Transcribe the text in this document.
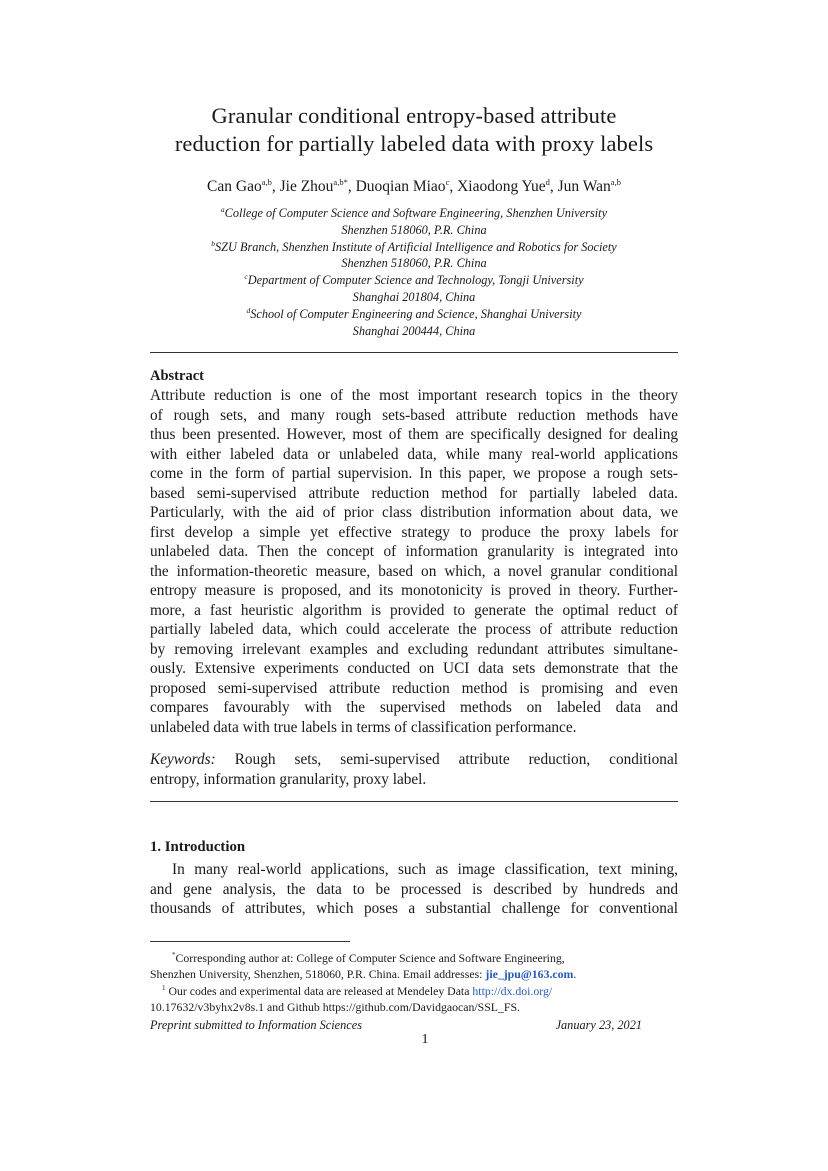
Granular conditional entropy-based attribute
reduction for partially labeled data with proxy labels
Can Gao$^{a,b}$, Jie Zhou$^{a,b*}$, Duoqian Miao$^c$, Xiaodong Yue$^d$, Jun Wan$^{a,b}$
$^a$College of Computer Science and Software Engineering, Shenzhen University
Shenzhen 518060, P.R. China
$^b$SZU Branch, Shenzhen Institute of Artificial Intelligence and Robotics for Society
Shenzhen 518060, P.R. China
$^c$Department of Computer Science and Technology, Tongji University
Shanghai 201804, China
$^d$School of Computer Engineering and Science, Shanghai University
Shanghai 200444, China
Abstract
Attribute reduction is one of the most important research topics in the theory
of rough sets, and many rough sets-based attribute reduction methods have
thus been presented. However, most of them are specifically designed for dealing
with either labeled data or unlabeled data, while many real-world applications
come in the form of partial supervision. In this paper, we propose a rough sets-
based semi-supervised attribute reduction method for partially labeled data.
Particularly, with the aid of prior class distribution information about data, we
first develop a simple yet effective strategy to produce the proxy labels for
unlabeled data. Then the concept of information granularity is integrated into
the information-theoretic measure, based on which, a novel granular conditional
entropy measure is proposed, and its monotonicity is proved in theory. Further-
more, a fast heuristic algorithm is provided to generate the optimal reduct of
partially labeled data, which could accelerate the process of attribute reduction
by removing irrelevant examples and excluding redundant attributes simultane-
ously. Extensive experiments conducted on UCI data sets demonstrate that the
proposed semi-supervised attribute reduction method is promising and even
compares favourably with the supervised methods on labeled data and
unlabeled data with true labels in terms of classification performance.
Keywords: Rough sets, semi-supervised attribute reduction, conditional
entropy, information granularity, proxy label.
1. Introduction
In many real-world applications, such as image classification, text mining,
and gene analysis, the data to be processed is described by hundreds and
thousands of attributes, which poses a substantial challenge for conventional
*Corresponding author at: College of Computer Science and Software Engineering,
Shenzhen University, Shenzhen, 518060, P.R. China. Email addresses: jie_jpu@163.com.
$^1$ Our codes and experimental data are released at Mendeley Data http://dx.doi.org/
10.17632/v3byhx2v8s.1 and Github https://github.com/Davidgaocan/SSL_FS.
Preprint submitted to Information Sciences	January 23, 2021
1
